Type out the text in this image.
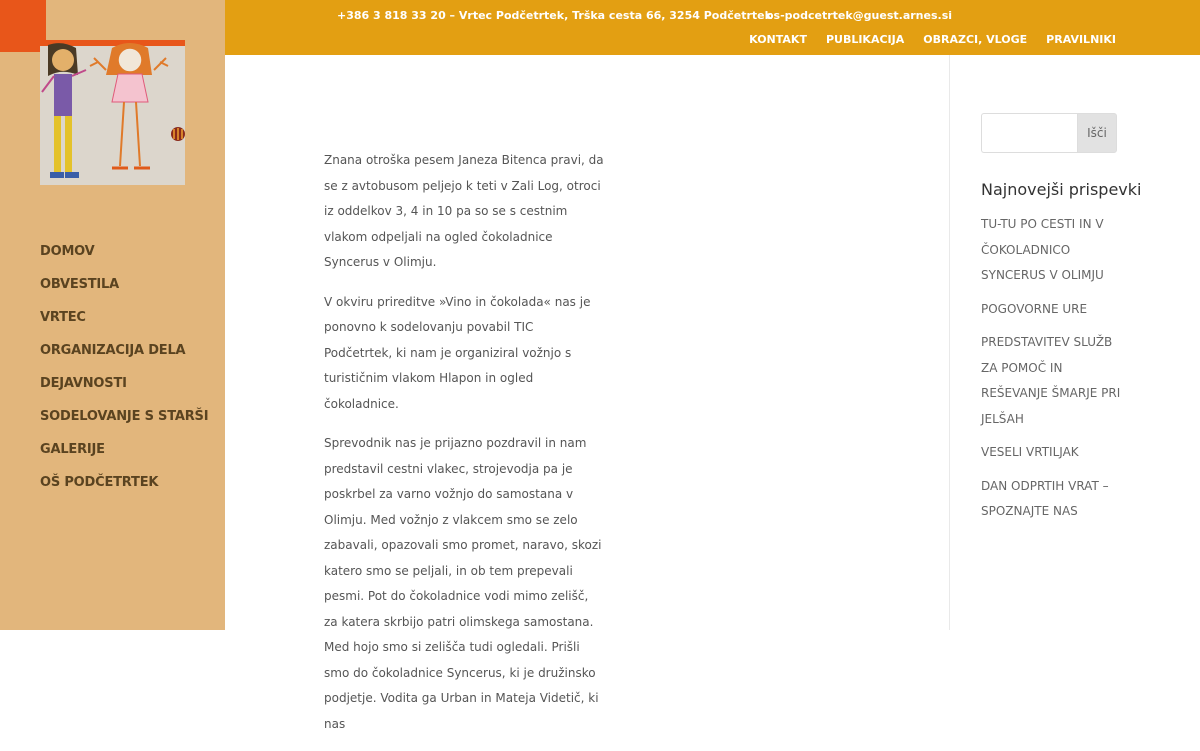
DOMOV
OBVESTILA
VRTEC
ORGANIZACIJA DELA
DEJAVNOSTI
SODELOVANJE S STARŠI
GALERIJE
OŠ PODČETRTEK
+386 3 818 33 20 – Vrtec Podčetrtek, Trška cesta 66, 3254 Podčetrtek
os-podcetrtek@guest.arnes.si
KONTAKT PUBLIKACIJA OBRAZCI, VLOGE PRAVILNIKI

Znana otroška pesem Janeza Bitenca pravi, da se z avtobusom peljejo k teti v Zali Log, otroci iz oddelkov 3, 4 in 10 pa so se s cestnim vlakom odpeljali na ogled čokoladnice Syncerus v Olimju.

V okviru prireditve »Vino in čokolada« nas je ponovno k sodelovanju povabil TIC Podčetrtek, ki nam je organiziral vožnjo s turističnim vlakom Hlapon in ogled čokoladnice.

Sprevodnik nas je prijazno pozdravil in nam predstavil cestni vlakec, strojevodja pa je poskrbel za varno vožnjo do samostana v Olimju. Med vožnjo z vlakcem smo se zelo zabavali, opazovali smo promet, naravo, skozi katero smo se peljali, in ob tem prepevali pesmi. Pot do čokoladnice vodi mimo zelišč, za katera skrbijo patri olimskega samostana. Med hojo smo si zelišča tudi ogledali. Prišli smo do čokoladnice Syncerus, ki je družinsko podjetje. Vodita ga Urban in Mateja Videtič, ki nas

Išči
Najnovejši prispevki
TU-TU PO CESTI IN V ČOKOLADNICO SYNCERUS V OLIMJU
POGOVORNE URE
PREDSTAVITEV SLUŽB ZA POMOČ IN REŠEVANJE ŠMARJE PRI JELŠAH
VESELI VRTILJAK
DAN ODPRTIH VRAT – SPOZNAJTE NAS
